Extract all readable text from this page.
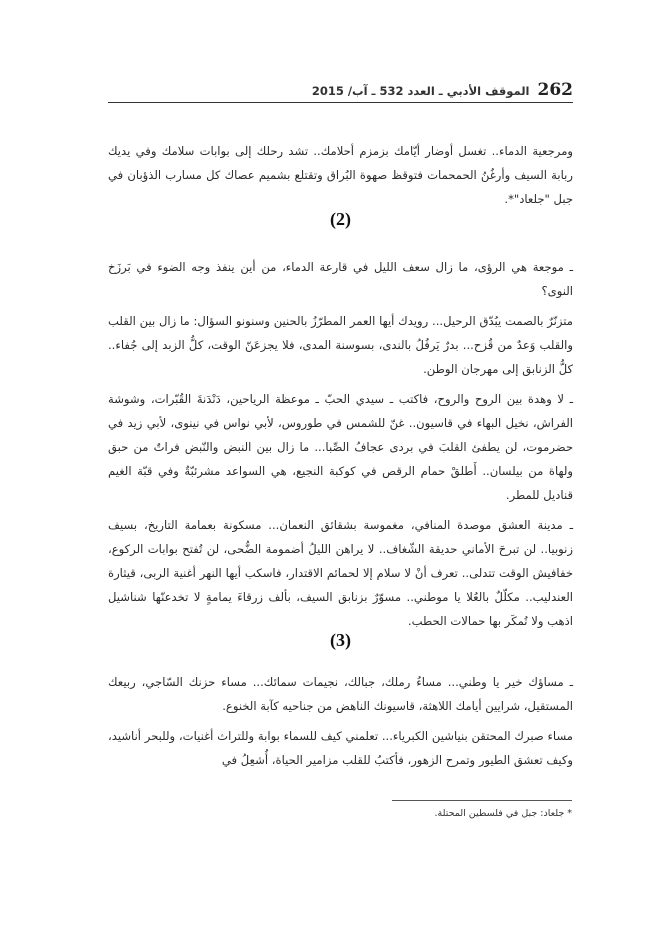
الموقف الأدبي ـ العدد 532 ـ آب/ 2015 262

ومرجعية الدماء.. تغسل أوضار أيّامك بزمزم أحلامك.. تشد رحلك إلى بوابات سلامك وفي يديك ربابة السيف وأرغُنُ الحمحمات فتوقظ صهوة البُراق وتقتلع بشميم عصاك كل مسارب الذؤبان في جبل "جلعاد"*.

(2)

ـ موجعة هي الرؤى، ما زال سعف الليل في قارعة الدماء، من أين ينفذ وجه الضوء في بَرزَخ النوى؟

متزنّرٌ بالصمت يبُدّق الرحيل... رويدك أيها العمر المطرّزُ بالحنين وسنونو السؤال: ما زال بين القلب والقلب وَعدٌ من قُزح... بدرٌ يَرفُلُ بالندى، بسوسنة المدى، فلا يجزعَنّ الوقت، كلُّ الزبد إلى جُفاء.. كلُّ الزنابق إلى مهرجان الوطن.

ـ لا وهدة بين الروح والروح، فاكتب ـ سيدي الحبّ ـ موعظة الرياحين، دَنْدَنةَ القُبّرات، وشوشة الفراش، نخيل البهاء في قاسيون.. غنّ للشمس في طوروس، لأبي نواس في نينوى، لأبي زيد في حضرموت، لن يطفئ القلبَ في بردى عجافُ الصِّبا... ما زال بين النبض والنّبض فراتٌ من حبق ولهاة من بيلسان.. أَطلقْ حمام الرقص في كوكبة النجيع، هي السواعد مشرئبّةٌ وفي قبّة الغيم قناديل للمطر.

ـ مدينة العشق موصدة المنافي، مغموسة بشقائق النعمان... مسكونة بعمامة التاريخ، بسيف زنوبيا.. لن تبرحَ الأماني حديقة الشّغاف.. لا يراهن الليلُ أضمومة الضُّحى، لن تُفتح بوابات الركوع، خفافيش الوقت تتدلى.. تعرف أنْ لا سلام إلا لحمائم الاقتدار، فاسكب أيها النهر أغنية الربى، قيثارة العندليب.. مكلّلٌ بالعُلا يا موطني.. مسوّرٌ بزنابق السيف، بألف زرقاءَ يمامةٍ لا تخدعنّها شناشيل اذهب ولا تُمكَر بها حمالات الحطب.

(3)

ـ مساؤك خير يا وطني... مساءُ رملك، جبالك، نجيمات سمائك... مساء حزنك السّاجي، ربيعك المستقيل، شرايين أيامك اللاهثة، قاسيونك الناهض من جناحيه كآبة الخنوع.

مساء صبرك المحتقن بنياشين الكبرياء... تعلمني كيف للسماء بوابة وللتراث أغنيات، وللبحر أناشيد، وكيف تعشق الطيور وتمرح الزهور، فأكتبُ للقلب مزامير الحياة، أُشعِلُ في

* جلعاد: جبل في فلسطين المحتلة.
